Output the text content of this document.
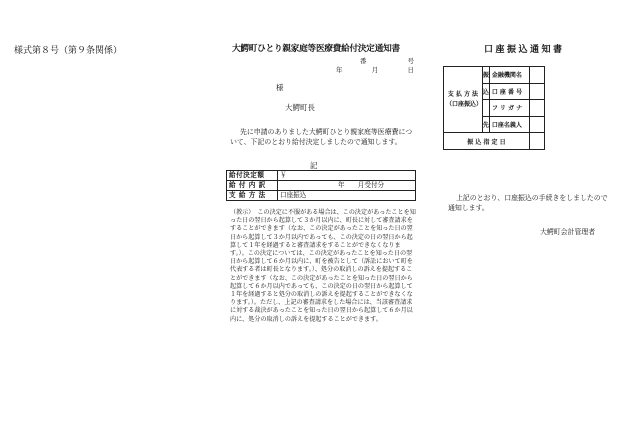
様式第８号（第９条関係）	大鰐町ひとり親家庭等医療費給付決定通知書
番	号
年	月	日
様
大鰐町長
先に申請のありました大鰐町ひとり親家庭等医療費について、下記のとおり給付決定しましたので通知します。
記
給付決定額	￥
給 付 内 訳	年　　月受付分
支 給 方 法	口座振込
（教示）　この決定に不服がある場合は、この決定があったことを知った日の翌日から起算して３か月以内に、町長に対して審査請求をすることができます（なお、この決定があったことを知った日の翌日から起算して３か月以内であっても、この決定の日の翌日から起算して１年を経過すると審査請求をすることができなくなります。）。この決定については、この決定があったことを知った日の翌日から起算して６か月以内に、町を被告として（訴訟において町を代表する者は町長となります。）、処分の取消しの訴えを提起することができます（なお、この決定があったことを知った日の翌日から起算して６か月以内であっても、この決定の日の翌日から起算して１年を経過すると処分の取消しの訴えを提起することができなくなります。）。ただし、上記の審査請求をした場合には、当該審査請求に対する裁決があったことを知った日の翌日から起算して６か月以内に、処分の取消しの訴えを提起することができます。
口座振込通知書
支 払 方 法
（口座振込）	振	金融機関名	
	込	口 座 番 号	
		フ リ ガ ナ	
	先	口座名義人	
振 込 指 定 日			
上記のとおり、口座振込の手続きをしましたので通知します。
大鰐町会計管理者
